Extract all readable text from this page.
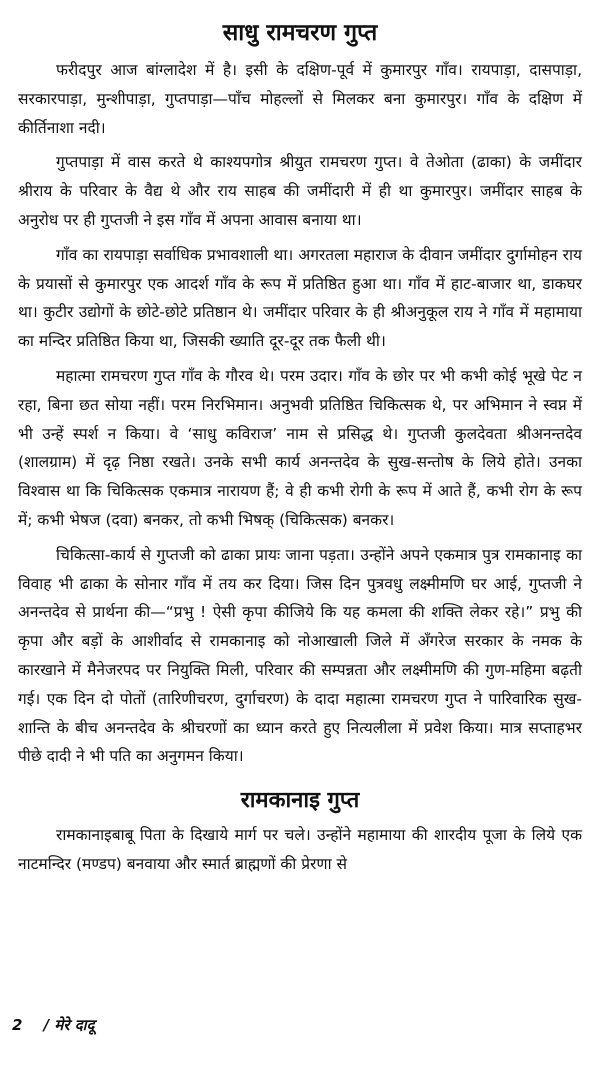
साधु रामचरण गुप्त

फरीदपुर आज बांग्लादेश में है। इसी के दक्षिण-पूर्व में कुमारपुर गाँव। रायपाड़ा, दासपाड़ा, सरकारपाड़ा, मुन्शीपाड़ा, गुप्तपाड़ा—पाँच मोहल्लों से मिलकर बना कुमारपुर। गाँव के दक्षिण में कीर्तिनाशा नदी।

गुप्तपाड़ा में वास करते थे काश्यपगोत्र श्रीयुत रामचरण गुप्त। वे तेओता (ढाका) के जमींदार श्रीराय के परिवार के वैद्य थे और राय साहब की जमींदारी में ही था कुमारपुर। जमींदार साहब के अनुरोध पर ही गुप्तजी ने इस गाँव में अपना आवास बनाया था।

गाँव का रायपाड़ा सर्वाधिक प्रभावशाली था। अगरतला महाराज के दीवान जमींदार दुर्गामोहन राय के प्रयासों से कुमारपुर एक आदर्श गाँव के रूप में प्रतिष्ठित हुआ था। गाँव में हाट-बाजार था, डाकघर था। कुटीर उद्योगों के छोटे-छोटे प्रतिष्ठान थे। जमींदार परिवार के ही श्रीअनुकूल राय ने गाँव में महामाया का मन्दिर प्रतिष्ठित किया था, जिसकी ख्याति दूर-दूर तक फैली थी।

महात्मा रामचरण गुप्त गाँव के गौरव थे। परम उदार। गाँव के छोर पर भी कभी कोई भूखे पेट न रहा, बिना छत सोया नहीं। परम निरभिमान। अनुभवी प्रतिष्ठित चिकित्सक थे, पर अभिमान ने स्वप्न में भी उन्हें स्पर्श न किया। वे ‘साधु कविराज’ नाम से प्रसिद्ध थे। गुप्तजी कुलदेवता श्रीअनन्तदेव (शालग्राम) में दृढ़ निष्ठा रखते। उनके सभी कार्य अनन्तदेव के सुख-सन्तोष के लिये होते। उनका विश्वास था कि चिकित्सक एकमात्र नारायण हैं; वे ही कभी रोगी के रूप में आते हैं, कभी रोग के रूप में; कभी भेषज (दवा) बनकर, तो कभी भिषक् (चिकित्सक) बनकर।

चिकित्सा-कार्य से गुप्तजी को ढाका प्रायः जाना पड़ता। उन्होंने अपने एकमात्र पुत्र रामकानाइ का विवाह भी ढाका के सोनार गाँव में तय कर दिया। जिस दिन पुत्रवधु लक्ष्मीमणि घर आई, गुप्तजी ने अनन्तदेव से प्रार्थना की—“प्रभु ! ऐसी कृपा कीजिये कि यह कमला की शक्ति लेकर रहे।” प्रभु की कृपा और बड़ों के आशीर्वाद से रामकानाइ को नोआखाली जिले में अँगरेज सरकार के नमक के कारखाने में मैनेजरपद पर नियुक्ति मिली, परिवार की सम्पन्नता और लक्ष्मीमणि की गुण-महिमा बढ़ती गई। एक दिन दो पोतों (तारिणीचरण, दुर्गाचरण) के दादा महात्मा रामचरण गुप्त ने पारिवारिक सुख-शान्ति के बीच अनन्तदेव के श्रीचरणों का ध्यान करते हुए नित्यलीला में प्रवेश किया। मात्र सप्ताहभर पीछे दादी ने भी पति का अनुगमन किया।

रामकानाइ गुप्त

रामकानाइबाबू पिता के दिखाये मार्ग पर चले। उन्होंने महामाया की शारदीय पूजा के लिये एक नाटमन्दिर (मण्डप) बनवाया और स्मार्त ब्राह्मणों की प्रेरणा से

2 / मेरे दादू
